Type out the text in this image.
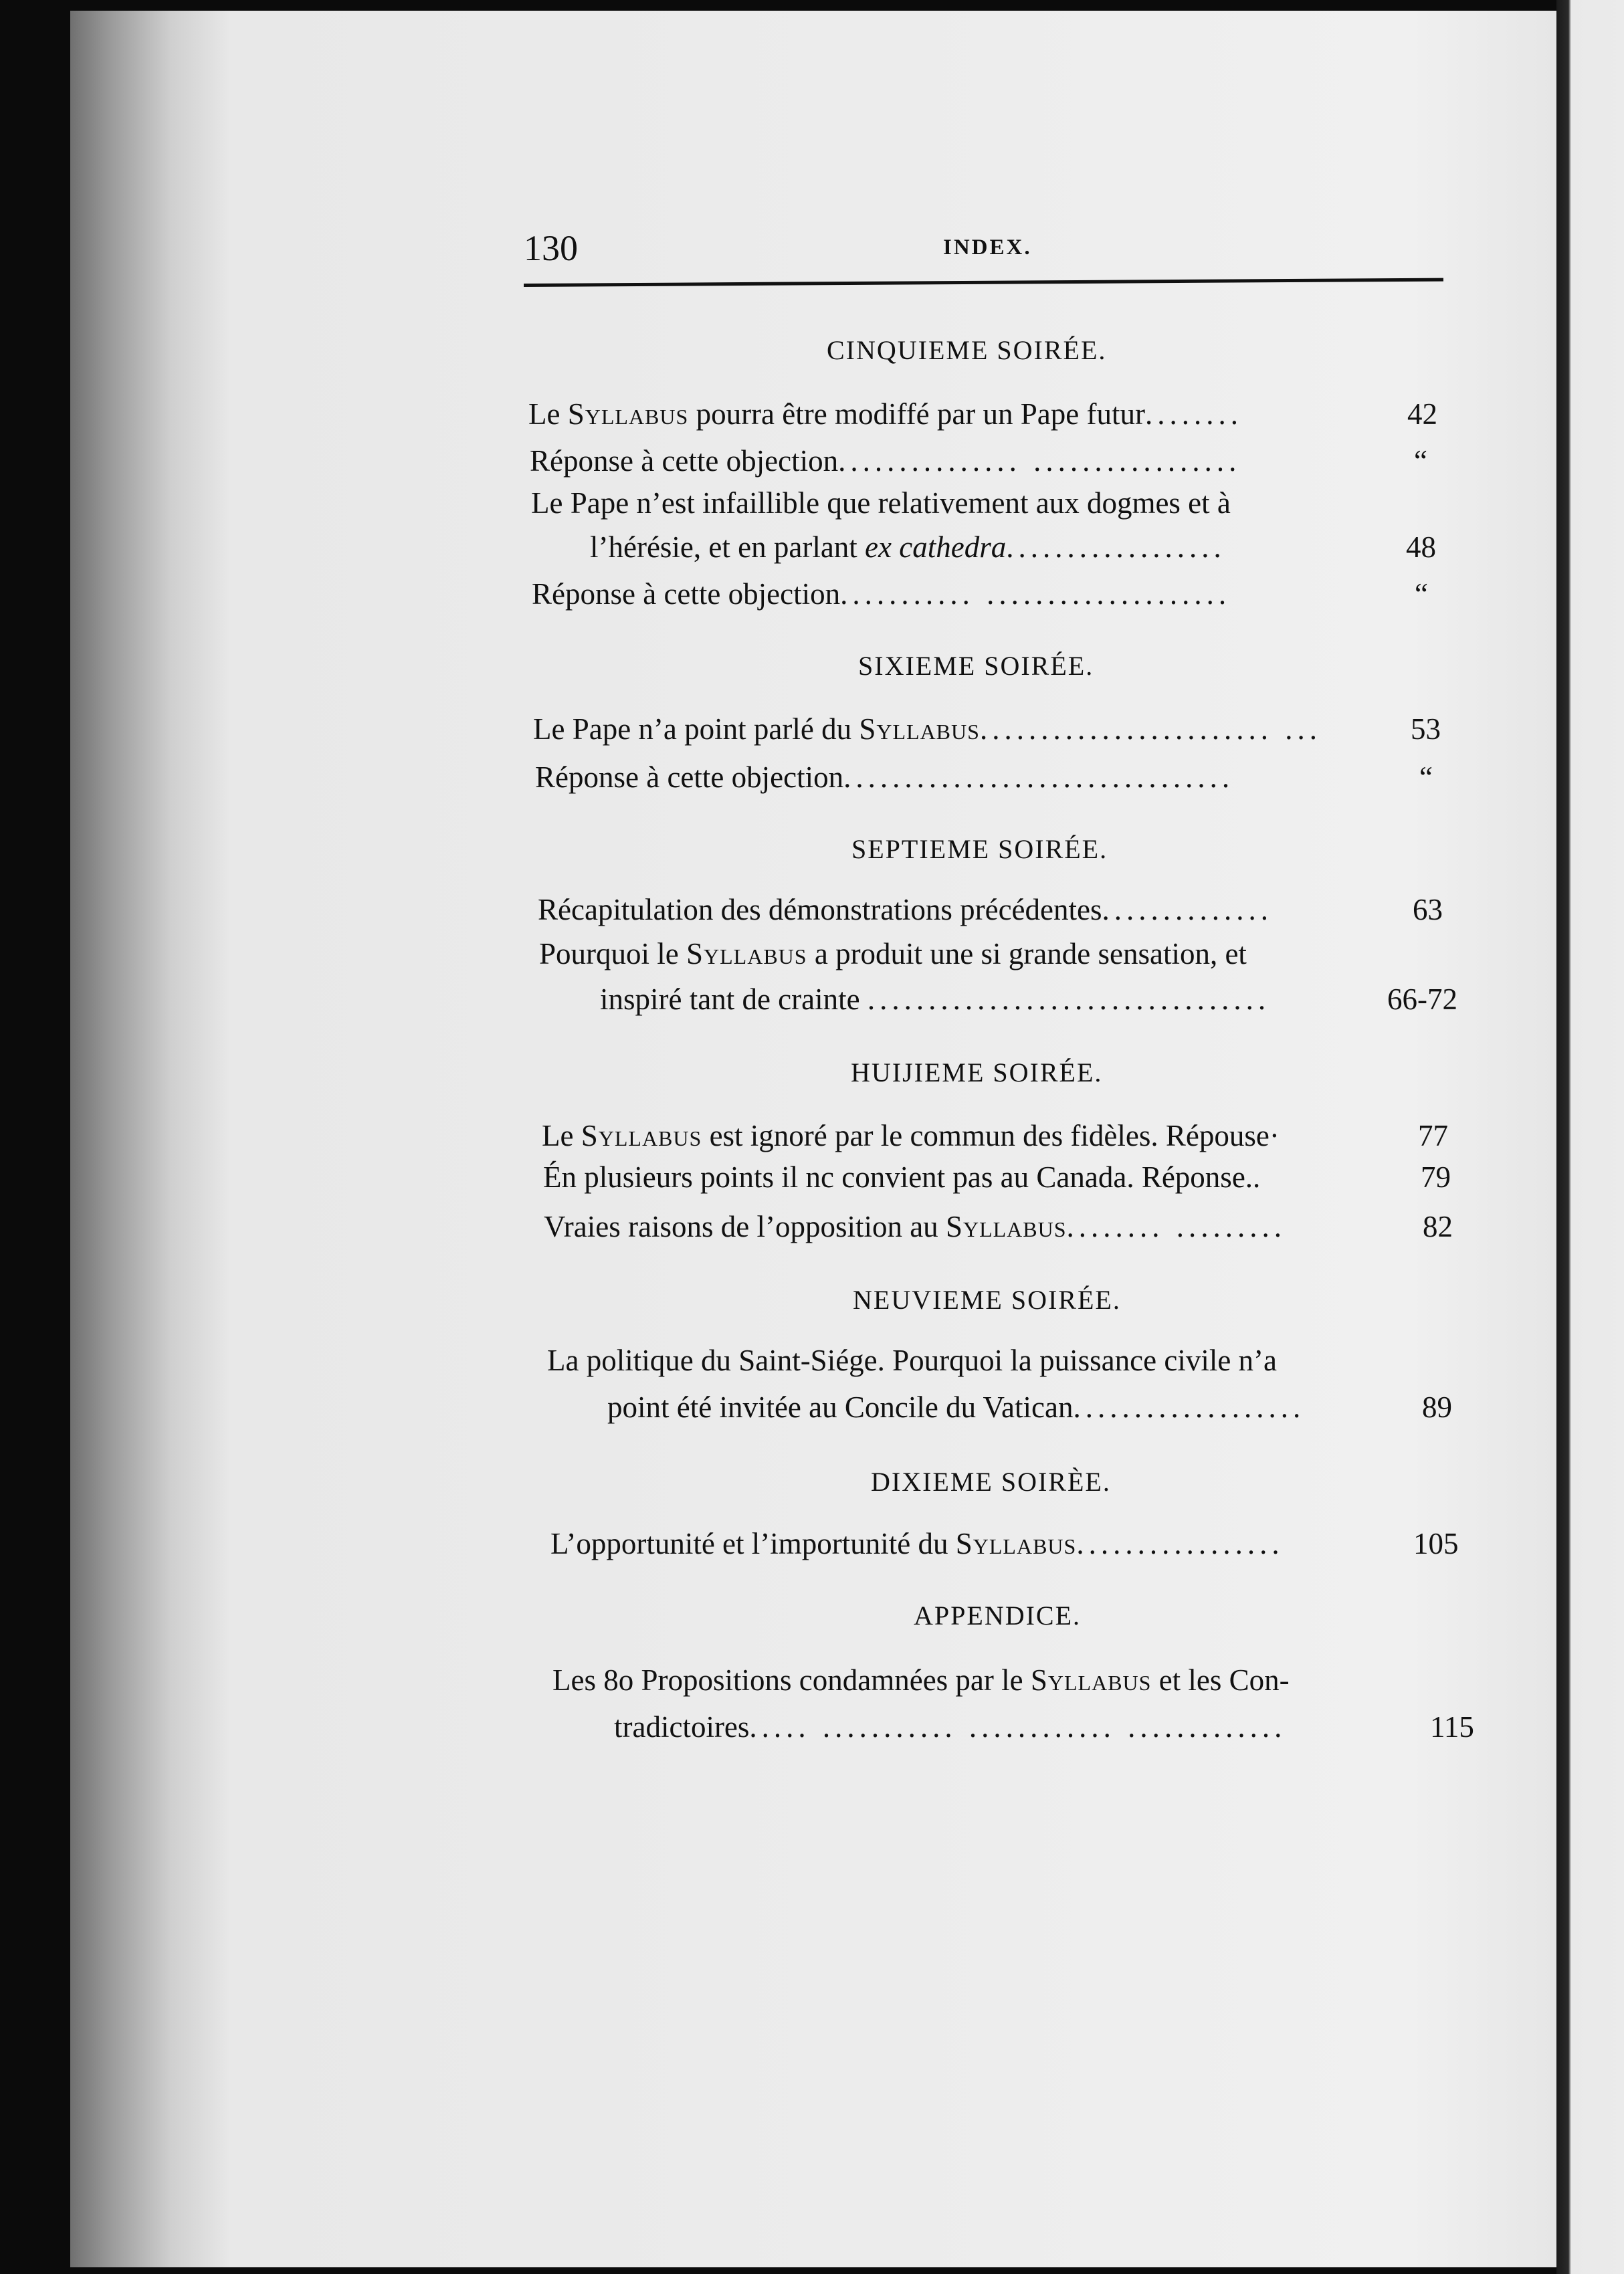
130	INDEX.
CINQUIEME SOIRÉE.
Le Syllabus pourra être modiffé par un Pape futur........	42
Réponse à cette objection............... .................	“
Le Pape n’est infaillible que relativement aux dogmes et à
l’hérésie, et en parlant ex cathedra..................	48
Réponse à cette objection........... ....................	“
SIXIEME SOIRÉE.
Le Pape n’a point parlé du Syllabus........................ ...	53
Réponse à cette objection................................	“
SEPTIEME SOIRÉE.
Récapitulation des démonstrations précédentes..............	63
Pourquoi le Syllabus a produit une si grande sensation, et
inspiré tant de crainte .................................	66-72
HUIJIEME SOIRÉE.
Le Syllabus est ignoré par le commun des fidèles. Répouse·	77
Én plusieurs points il nc convient pas au Canada. Réponse..	79
Vraies raisons de l’opposition au Syllabus........ .........	82
NEUVIEME SOIRÉE.
La politique du Saint-Siége. Pourquoi la puissance civile n’a
point été invitée au Concile du Vatican...................	89
DIXIEME SOIRÈE.
L’opportunité et l’importunité du Syllabus.................	105
APPENDICE.
Les 8o Propositions condamnées par le Syllabus et les Con-
tradictoires..... ........... ............ .............	115
